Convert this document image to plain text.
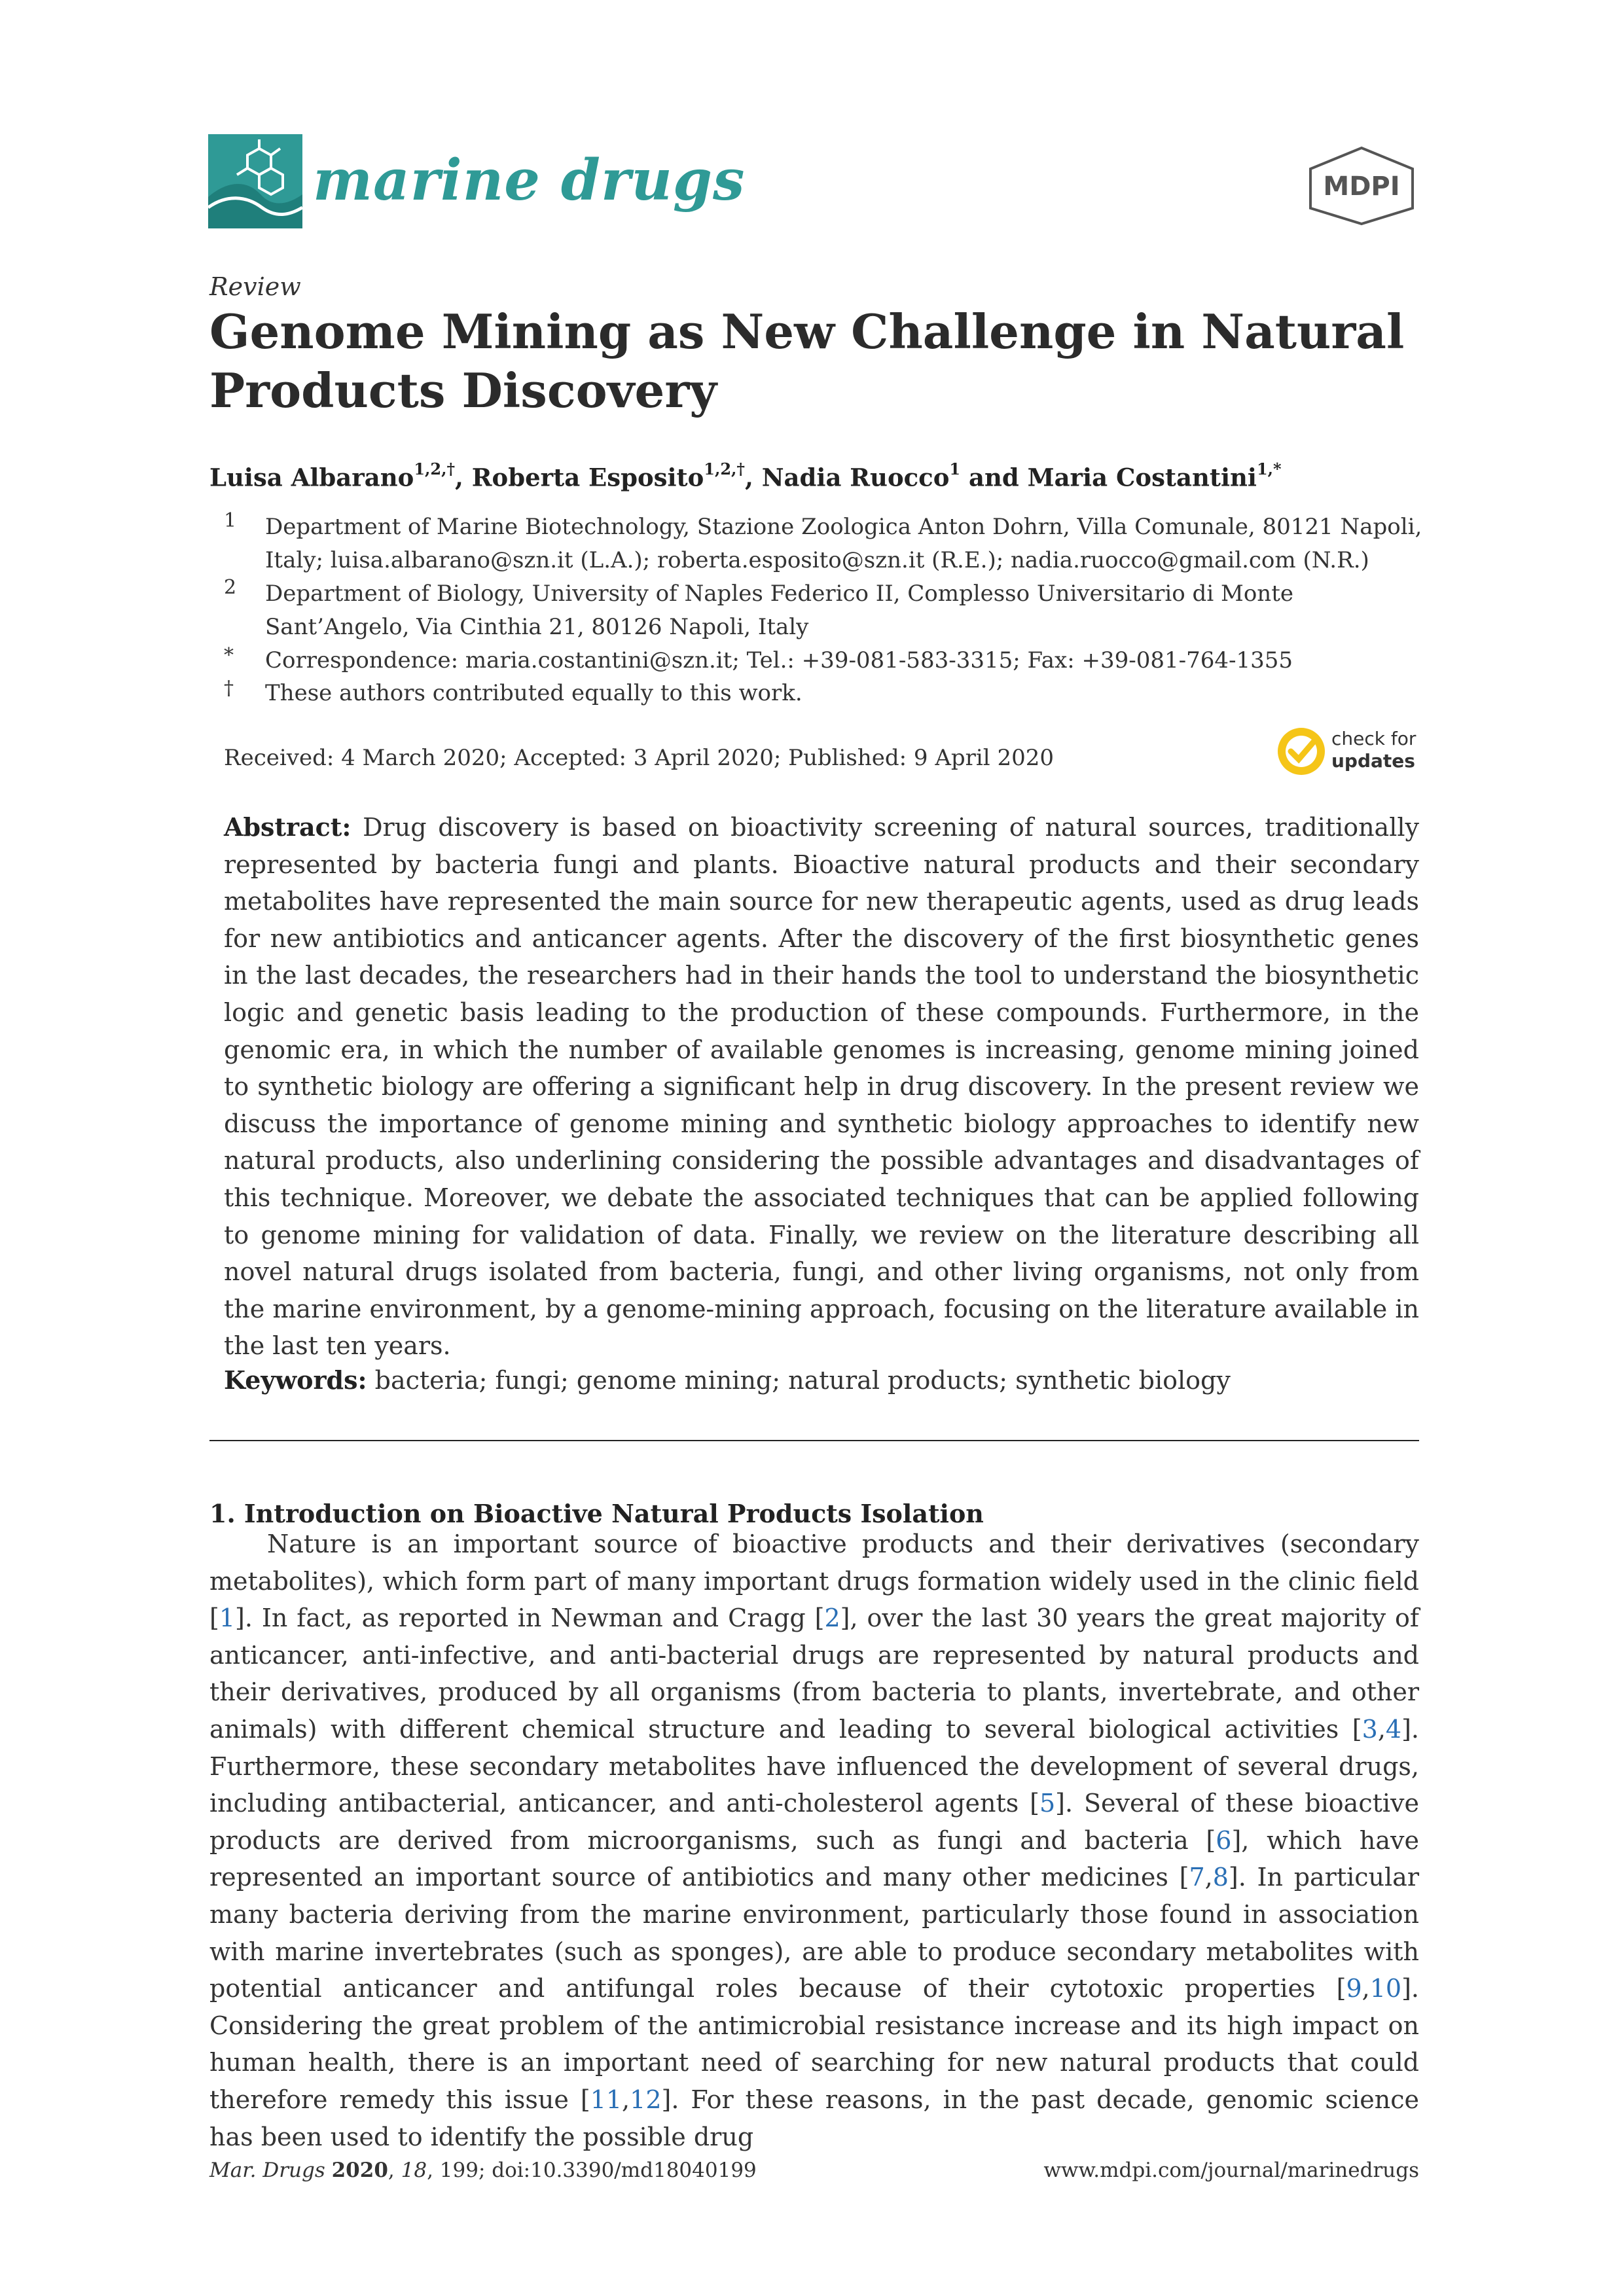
marine drugs	MDPI
Review
Genome Mining as New Challenge in Natural Products Discovery
Luisa Albarano$^{1,2,\dagger}$, Roberta Esposito$^{1,2,\dagger}$, Nadia Ruocco$^1$ and Maria Costantini$^{1,*}$
1	Department of Marine Biotechnology, Stazione Zoologica Anton Dohrn, Villa Comunale, 80121 Napoli, Italy; luisa.albarano@szn.it (L.A.); roberta.esposito@szn.it (R.E.); nadia.ruocco@gmail.com (N.R.)
2	Department of Biology, University of Naples Federico II, Complesso Universitario di Monte Sant’Angelo, Via Cinthia 21, 80126 Napoli, Italy
*	Correspondence: maria.costantini@szn.it; Tel.: +39-081-583-3315; Fax: +39-081-764-1355
†	These authors contributed equally to this work.
Received: 4 March 2020; Accepted: 3 April 2020; Published: 9 April 2020
check for
updates
Abstract: Drug discovery is based on bioactivity screening of natural sources, traditionally represented by bacteria fungi and plants. Bioactive natural products and their secondary metabolites have represented the main source for new therapeutic agents, used as drug leads for new antibiotics and anticancer agents. After the discovery of the first biosynthetic genes in the last decades, the researchers had in their hands the tool to understand the biosynthetic logic and genetic basis leading to the production of these compounds. Furthermore, in the genomic era, in which the number of available genomes is increasing, genome mining joined to synthetic biology are offering a significant help in drug discovery. In the present review we discuss the importance of genome mining and synthetic biology approaches to identify new natural products, also underlining considering the possible advantages and disadvantages of this technique. Moreover, we debate the associated techniques that can be applied following to genome mining for validation of data. Finally, we review on the literature describing all novel natural drugs isolated from bacteria, fungi, and other living organisms, not only from the marine environment, by a genome-mining approach, focusing on the literature available in the last ten years.
Keywords: bacteria; fungi; genome mining; natural products; synthetic biology
1. Introduction on Bioactive Natural Products Isolation

Nature is an important source of bioactive products and their derivatives (secondary metabolites), which form part of many important drugs formation widely used in the clinic field [1]. In fact, as reported in Newman and Cragg [2], over the last 30 years the great majority of anticancer, anti-infective, and anti-bacterial drugs are represented by natural products and their derivatives, produced by all organisms (from bacteria to plants, invertebrate, and other animals) with different chemical structure and leading to several biological activities [3,4]. Furthermore, these secondary metabolites have influenced the development of several drugs, including antibacterial, anticancer, and anti-cholesterol agents [5]. Several of these bioactive products are derived from microorganisms, such as fungi and bacteria [6], which have represented an important source of antibiotics and many other medicines [7,8]. In particular many bacteria deriving from the marine environment, particularly those found in association with marine invertebrates (such as sponges), are able to produce secondary metabolites with potential anticancer and antifungal roles because of their cytotoxic properties [9,10]. Considering the great problem of the antimicrobial resistance increase and its high impact on human health, there is an important need of searching for new natural products that could therefore remedy this issue [11,12]. For these reasons, in the past decade, genomic science has been used to identify the possible drug

Mar. Drugs 2020, 18, 199; doi:10.3390/md18040199	www.mdpi.com/journal/marinedrugs
